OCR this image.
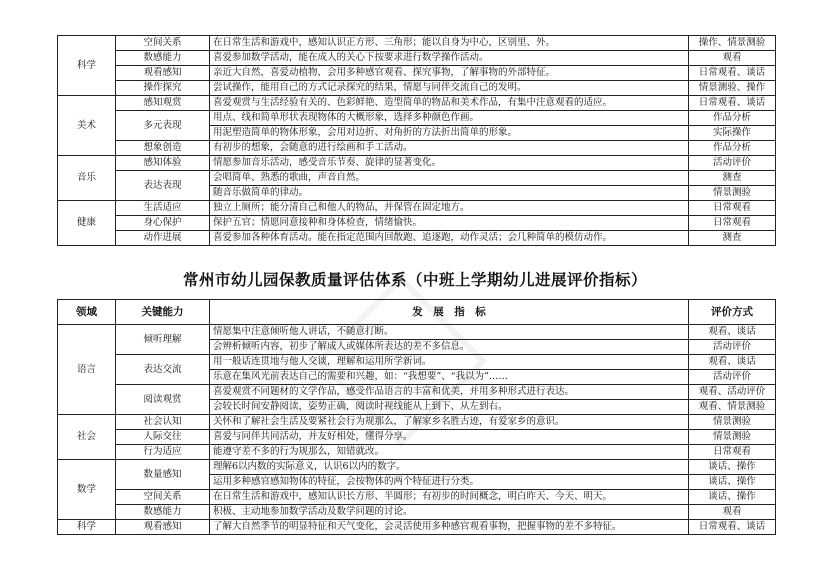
科学	空间关系	在日常生活和游戏中，感知认识正方形、三角形；能以自身为中心，区别里、外。	操作、情景测验
	数感能力	喜爱参加数学活动，能在成人的关心下按要求进行数学操作活动。	观看
	观看感知	亲近大自然，喜爱动植物，会用多种感官观看、探究事物，了解事物的外部特征。	日常观看、谈话
	操作探究	尝试操作，能用自己的方式记录探究的结果，情愿与同伴交流自己的发明。	情景测验、操作
美术	感知观赏	喜爱观赏与生活经验有关的、色彩鲜艳、造型简单的物品和美术作品，有集中注意观看的适应。	日常观看、谈话
	多元表现	用点、线和简单形状表现物体的大概形象，选择多种颜色作画。	作品分析
		用泥塑造简单的物体形象，会用对边折、对角折的方法折出简单的形象。	实际操作
	想象创造	有初步的想象，会随意的进行绘画和手工活动。	作品分析
音乐	感知体验	情愿参加音乐活动，感受音乐节奏、旋律的显著变化。	活动评价
	表达表现	会唱简单、熟悉的歌曲，声音自然。	测查
		随音乐做简单的律动。	情景测验
健康	生活适应	独立上厕所；能分清自己和他人的物品，并保管在固定地方。	日常观看
	身心保护	保护五官；情愿同意接种和身体检查，情绪愉快。	日常观看
	动作进展	喜爱参加各种体育活动。能在指定范围内回散跑、追逐跑，动作灵活；会几种简单的模仿动作。	测查
常州市幼儿园保教质量评估体系（中班上学期幼儿进展评价指标）
领域	关键能力	发　展　指　标	评价方式
语言	倾听理解	情愿集中注意倾听他人讲话，不随意打断。	观看、谈话
		会辨析倾听内容，初步了解成人或媒体所表达的差不多信息。	活动评价
	表达交流	用一般话连贯地与他人交谈，理解和运用所学新词。	观看、谈话
		乐意在集风光前表达自己的需要和兴趣，如：“我想要”、“我以为”……	活动评价
	阅读观赏	喜爱观赏不同题材的文学作品，感受作品语言的丰富和优美，并用多种形式进行表达。	观看、活动评价
		会较长时间安静阅读，姿势正确，阅读时视线能从上到下、从左到右。	观看、情景测验
社会	社会认知	关怀和了解社会生活及要紧社会行为规那么，了解家乡名胜古迹，有爱家乡的意识。	情景测验
	人际交往	喜爱与同伴共同活动，并友好相处，懂得分享。	情景测验
	行为适应	能遵守差不多的行为规那么，知错就改。	日常观看
数学	数量感知	理解6以内数的实际意义，认识6以内的数字。	谈话、操作
		运用多种感官感知物体的特征，会按物体的两个特征进行分类。	谈话、操作
	空间关系	在日常生活和游戏中，感知认识长方形、半圆形；有初步的时间概念，明白昨天、今天、明天。	谈话、操作
	数感能力	积极、主动地参加数学活动及数学问题的讨论。	观看
科学	观看感知	了解大自然季节的明显特征和天气变化，会灵活使用多种感官观看事物，把握事物的差不多特征。	日常观看、谈话
